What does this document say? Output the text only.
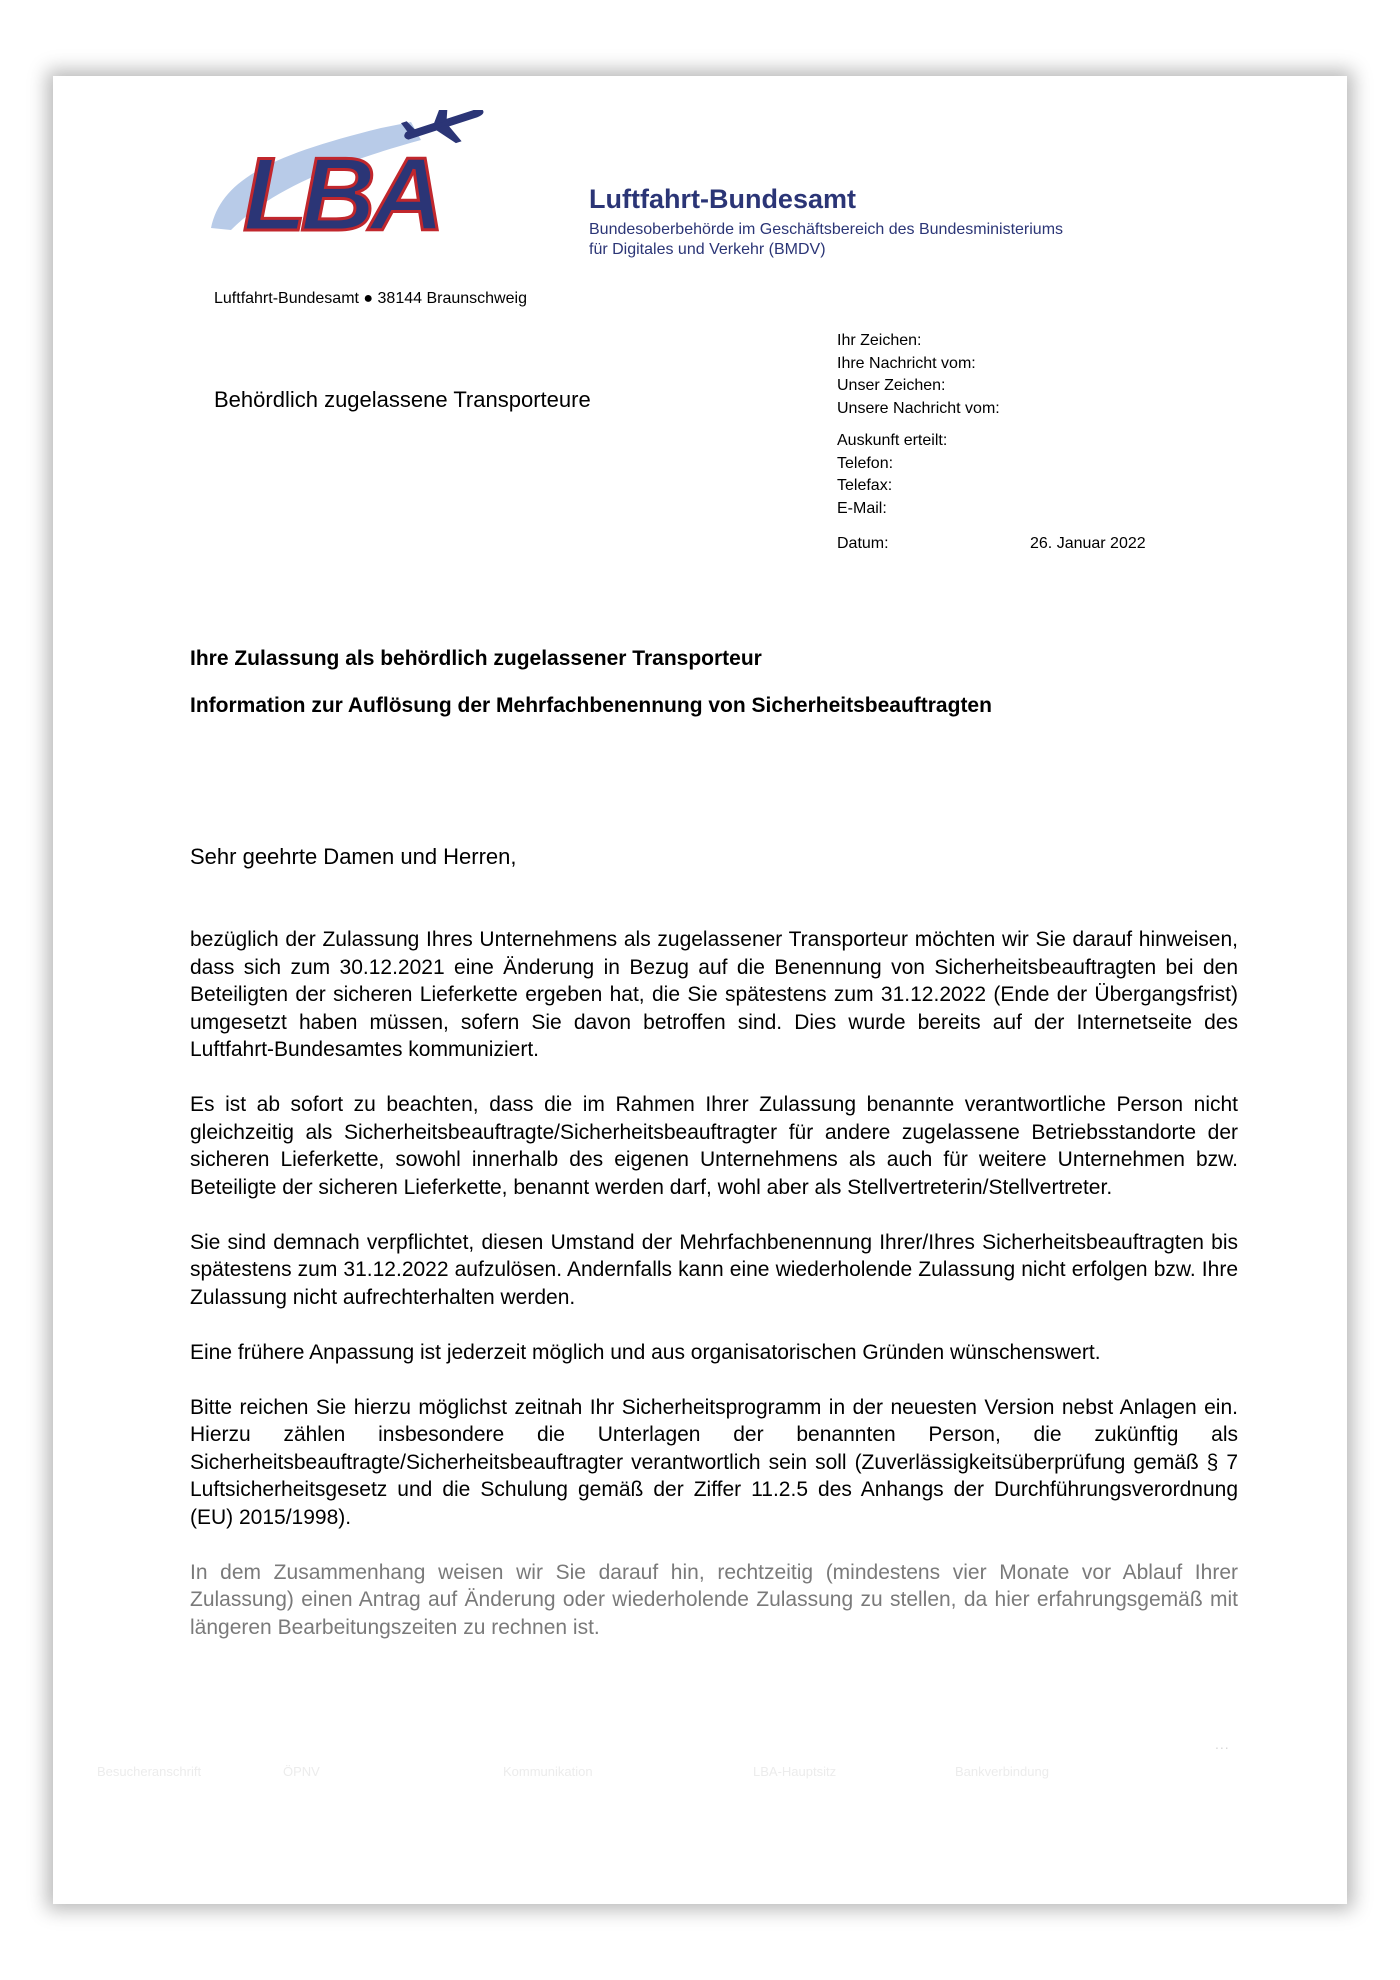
LBA	Luftfahrt-Bundesamt
Bundesoberbehörde im Geschäftsbereich des Bundesministeriums
für Digitales und Verkehr (BMDV)
Luftfahrt-Bundesamt ● 38144 Braunschweig
Behördlich zugelassene Transporteure
Ihr Zeichen:
Ihre Nachricht vom:
Unser Zeichen:
Unsere Nachricht vom:
Auskunft erteilt:
Telefon:
Telefax:
E-Mail:
Datum:	26. Januar 2022
Ihre Zulassung als behördlich zugelassener Transporteur
Information zur Auflösung der Mehrfachbenennung von Sicherheitsbeauftragten
Sehr geehrte Damen und Herren,

bezüglich der Zulassung Ihres Unternehmens als zugelassener Transporteur möchten wir Sie darauf hinweisen, dass sich zum 30.12.2021 eine Änderung in Bezug auf die Benennung von Sicherheitsbeauftragten bei den Beteiligten der sicheren Lieferkette ergeben hat, die Sie spätestens zum 31.12.2022 (Ende der Übergangsfrist) umgesetzt haben müssen, sofern Sie davon betroffen sind. Dies wurde bereits auf der Internetseite des Luftfahrt-Bundesamtes kommuniziert.

Es ist ab sofort zu beachten, dass die im Rahmen Ihrer Zulassung benannte verantwortliche Person nicht gleichzeitig als Sicherheitsbeauftragte/Sicherheitsbeauftragter für andere zugelassene Betriebsstandorte der sicheren Lieferkette, sowohl innerhalb des eigenen Unternehmens als auch für weitere Unternehmen bzw. Beteiligte der sicheren Lieferkette, benannt werden darf, wohl aber als Stellvertreterin/Stellvertreter.

Sie sind demnach verpflichtet, diesen Umstand der Mehrfachbenennung Ihrer/Ihres Sicherheitsbeauftragten bis spätestens zum 31.12.2022 aufzulösen. Andernfalls kann eine wiederholende Zulassung nicht erfolgen bzw. Ihre Zulassung nicht aufrechterhalten werden.

Eine frühere Anpassung ist jederzeit möglich und aus organisatorischen Gründen wünschenswert.

Bitte reichen Sie hierzu möglichst zeitnah Ihr Sicherheitsprogramm in der neuesten Version nebst Anlagen ein. Hierzu zählen insbesondere die Unterlagen der benannten Person, die zukünftig als Sicherheitsbeauftragte/Sicherheitsbeauftragter verantwortlich sein soll (Zuverlässigkeitsüberprüfung gemäß § 7 Luftsicherheitsgesetz und die Schulung gemäß der Ziffer 11.2.5 des Anhangs der Durchführungsverordnung (EU) 2015/1998).

In dem Zusammenhang weisen wir Sie darauf hin, rechtzeitig (mindestens vier Monate vor Ablauf Ihrer Zulassung) einen Antrag auf Änderung oder wiederholende Zulassung zu stellen, da hier erfahrungsgemäß mit längeren Bearbeitungszeiten zu rechnen ist.

...
Besucheranschrift	ÖPNV	Kommunikation	LBA-Hauptsitz	Bankverbindung
